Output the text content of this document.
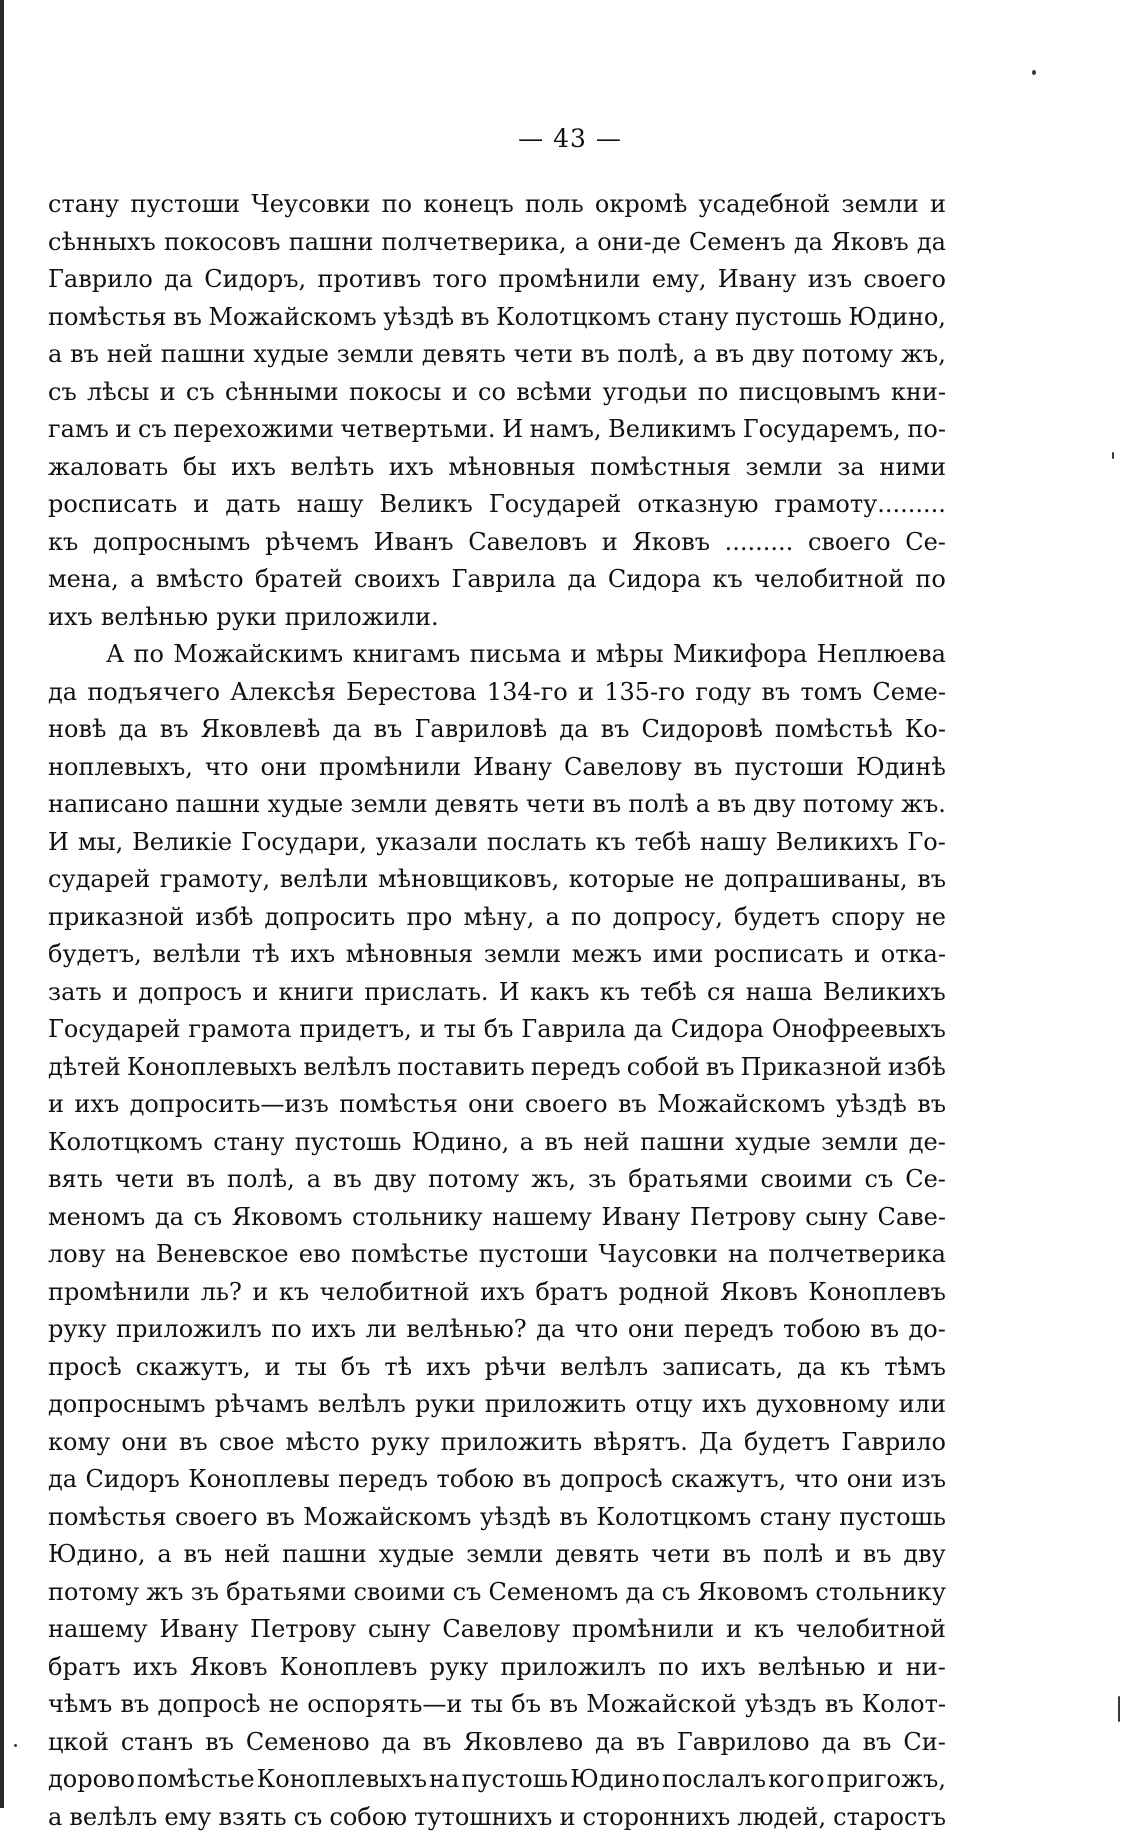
— 43 —
стану пустоши Чеусовки по конецъ поль окромѣ усадебной земли и
сѣнныхъ покосовъ пашни полчетверика, а они-де Семенъ да Яковъ да
Гаврило да Сидоръ, противъ того промѣнили ему, Ивану изъ своего
помѣстья въ Можайскомъ уѣздѣ въ Колотцкомъ стану пустошь Юдино,
а въ ней пашни худые земли девять чети въ полѣ, а въ дву потому жъ,
съ лѣсы и съ сѣнными покосы и со всѣми угодьи по писцовымъ кни-
гамъ и съ перехожими четвертьми. И намъ, Великимъ Государемъ, по-
жаловать бы ихъ велѣть ихъ мѣновныя помѣстныя земли за ними
росписать и дать нашу Великъ Государей отказную грамоту.........
къ допроснымъ рѣчемъ Иванъ Савеловъ и Яковъ ......... своего Се-
мена, а вмѣсто братей своихъ Гаврила да Сидора къ челобитной по
ихъ велѣнью руки приложили.
А по Можайскимъ книгамъ письма и мѣры Микифора Неплюева
да подъячего Алексѣя Берестова 134-го и 135-го году въ томъ Семе-
новѣ да въ Яковлевѣ да въ Гавриловѣ да въ Сидоровѣ помѣстьѣ Ко-
ноплевыхъ, что они промѣнили Ивану Савелову въ пустоши Юдинѣ
написано пашни худые земли девять чети въ полѣ а въ дву потому жъ.
И мы, Великіе Государи, указали послать къ тебѣ нашу Великихъ Го-
сударей грамоту, велѣли мѣновщиковъ, которые не допрашиваны, въ
приказной избѣ допросить про мѣну, а по допросу, будетъ спору не
будетъ, велѣли тѣ ихъ мѣновныя земли межъ ими росписать и отка-
зать и допросъ и книги прислать. И какъ къ тебѣ ся наша Великихъ
Государей грамота придетъ, и ты бъ Гаврила да Сидора Онофреевыхъ
дѣтей Коноплевыхъ велѣлъ поставить передъ собой въ Приказной избѣ
и ихъ допросить—изъ помѣстья они своего въ Можайскомъ уѣздѣ въ
Колотцкомъ стану пустошь Юдино, а въ ней пашни худые земли де-
вять чети въ полѣ, а въ дву потому жъ, зъ братьями своими съ Се-
меномъ да съ Яковомъ стольнику нашему Ивану Петрову сыну Саве-
лову на Веневское ево помѣстье пустоши Чаусовки на полчетверика
промѣнили ль? и къ челобитной ихъ братъ родной Яковъ Коноплевъ
руку приложилъ по ихъ ли велѣнью? да что они передъ тобою въ до-
просѣ скажутъ, и ты бъ тѣ ихъ рѣчи велѣлъ записать, да къ тѣмъ
допроснымъ рѣчамъ велѣлъ руки приложить отцу ихъ духовному или
кому они въ свое мѣсто руку приложить вѣрятъ. Да будетъ Гаврило
да Сидоръ Коноплевы передъ тобою въ допросѣ скажутъ, что они изъ
помѣстья своего въ Можайскомъ уѣздѣ въ Колотцкомъ стану пустошь
Юдино, а въ ней пашни худые земли девять чети въ полѣ и въ дву
потому жъ зъ братьями своими съ Семеномъ да съ Яковомъ стольнику
нашему Ивану Петрову сыну Савелову промѣнили и къ челобитной
братъ ихъ Яковъ Коноплевъ руку приложилъ по ихъ велѣнью и ни-
чѣмъ въ допросѣ не оспорять—и ты бъ въ Можайской уѣздъ въ Колот-
цкой станъ въ Семеново да въ Яковлево да въ Гаврилово да въ Си-
дорово помѣстье Коноплевыхъ на пустошь Юдино послалъ кого пригожъ,
а велѣлъ ему взять съ собою тутошнихъ и стороннихъ людей, старостъ
